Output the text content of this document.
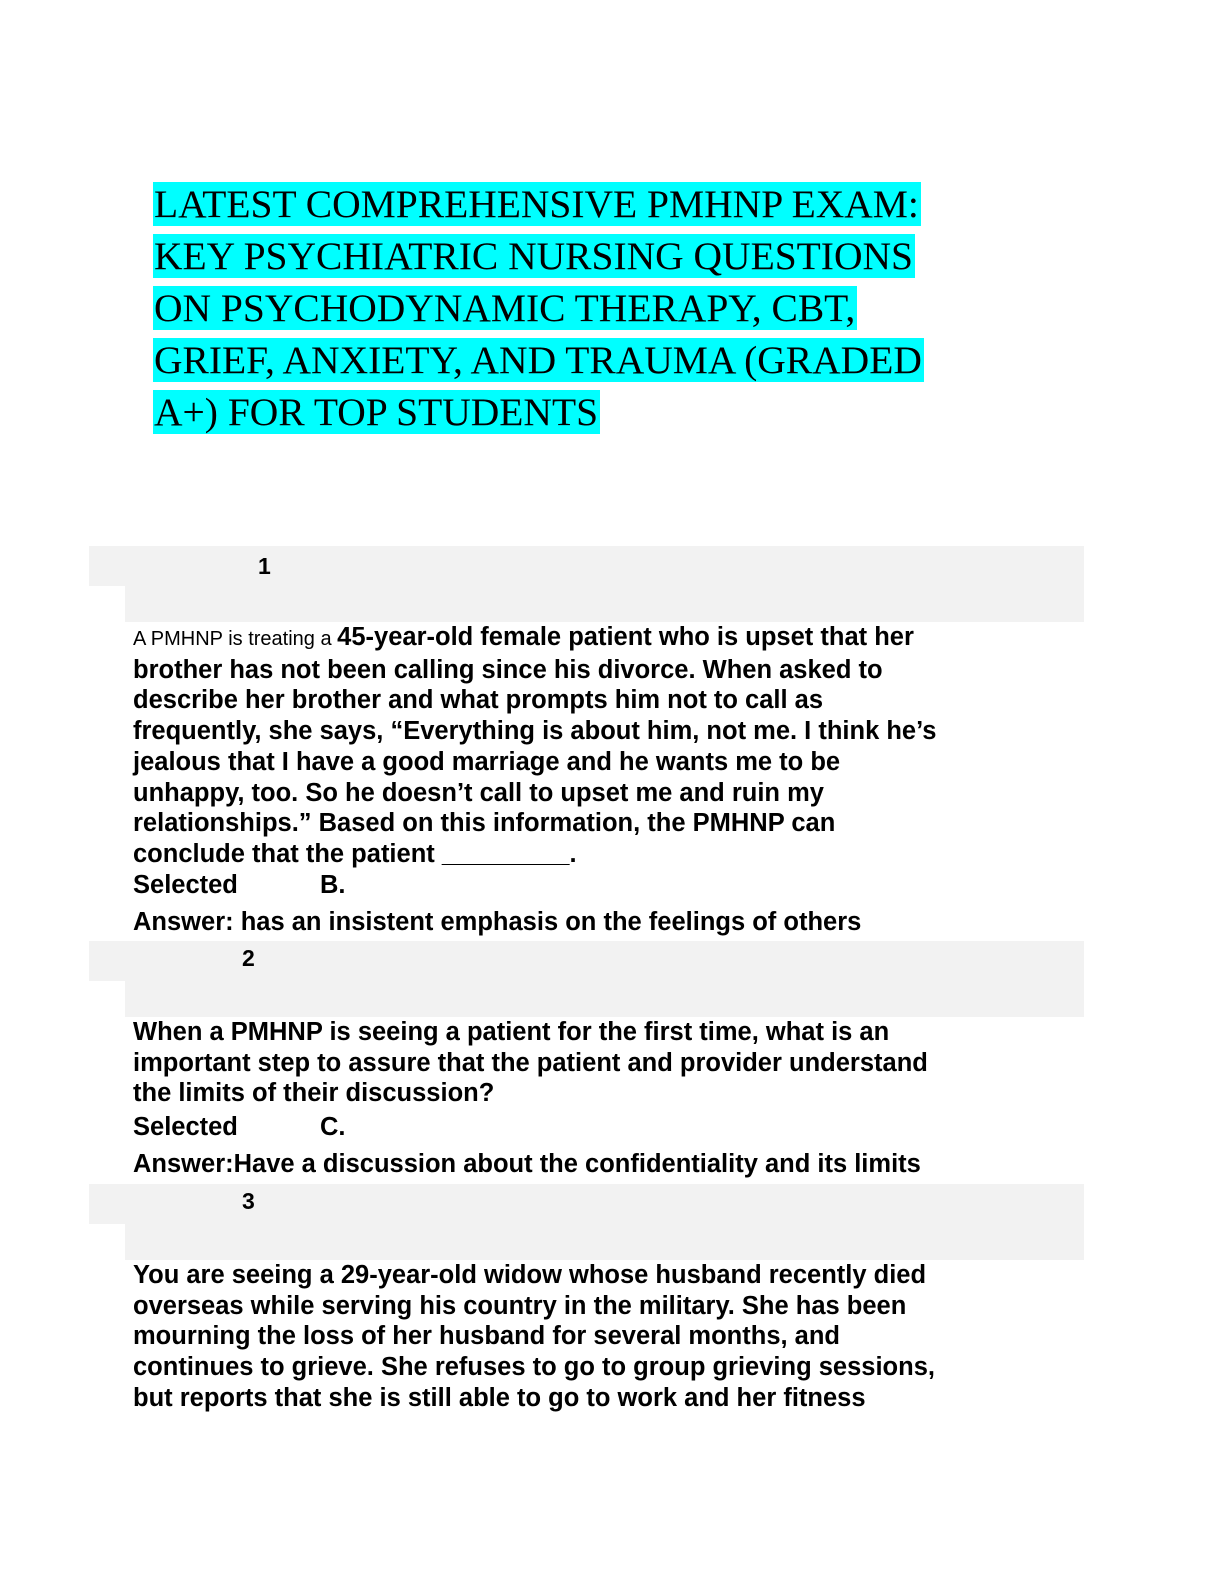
LATEST COMPREHENSIVE PMHNP EXAM:
KEY PSYCHIATRIC NURSING QUESTIONS
ON PSYCHODYNAMIC THERAPY, CBT,
GRIEF, ANXIETY, AND TRAUMA (GRADED
A+) FOR TOP STUDENTS
1
A PMHNP is treating a 45-year-old female patient who is upset that her
brother has not been calling since his divorce. When asked to
describe her brother and what prompts him not to call as
frequently, she says, “Everything is about him, not me. I think he’s
jealous that I have a good marriage and he wants me to be
unhappy, too. So he doesn’t call to upset me and ruin my
relationships.” Based on this information, the PMHNP can
conclude that the patient _________.
Selected	B.
Answer: has an insistent emphasis on the feelings of others
2
When a PMHNP is seeing a patient for the first time, what is an
important step to assure that the patient and provider understand
the limits of their discussion?
Selected	C.
Answer:Have a discussion about the confidentiality and its limits
3
You are seeing a 29-year-old widow whose husband recently died
overseas while serving his country in the military. She has been
mourning the loss of her husband for several months, and
continues to grieve. She refuses to go to group grieving sessions,
but reports that she is still able to go to work and her fitness
